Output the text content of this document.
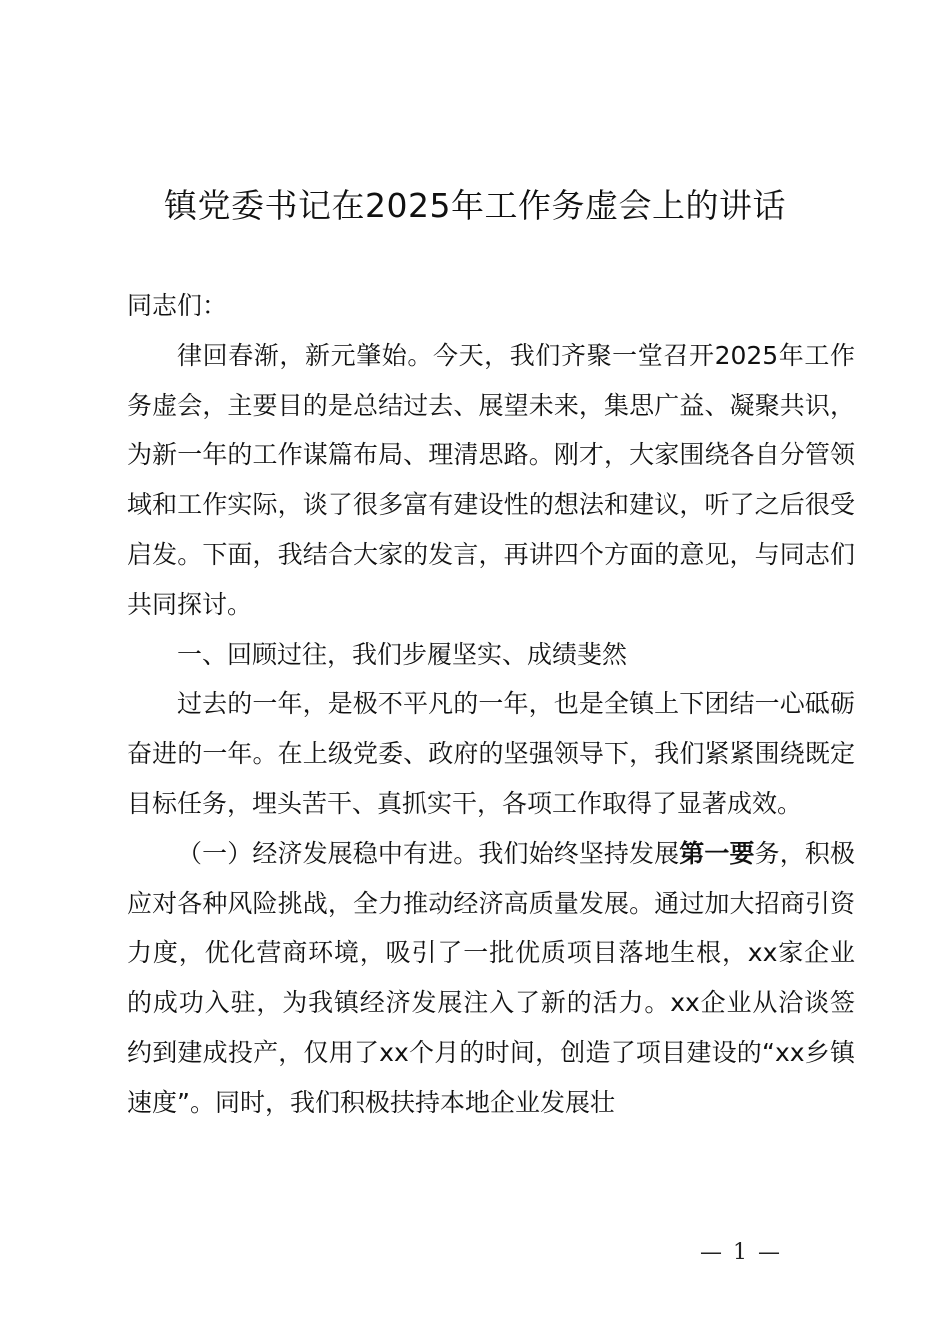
镇党委书记在2025年工作务虚会上的讲话

同志们：

律回春渐，新元肇始。今天，我们齐聚一堂召开2025年工作务虚会，主要目的是总结过去、展望未来，集思广益、凝聚共识，为新一年的工作谋篇布局、理清思路。刚才，大家围绕各自分管领域和工作实际，谈了很多富有建设性的想法和建议，听了之后很受启发。下面，我结合大家的发言，再讲四个方面的意见，与同志们共同探讨。

一、回顾过往，我们步履坚实、成绩斐然

过去的一年，是极不平凡的一年，也是全镇上下团结一心砥砺奋进的一年。在上级党委、政府的坚强领导下，我们紧紧围绕既定目标任务，埋头苦干、真抓实干，各项工作取得了显著成效。

（一）经济发展稳中有进。我们始终坚持发展第一要务，积极应对各种风险挑战，全力推动经济高质量发展。通过加大招商引资力度，优化营商环境，吸引了一批优质项目落地生根，xx家企业的成功入驻，为我镇经济发展注入了新的活力。xx企业从洽谈签约到建成投产，仅用了xx个月的时间，创造了项目建设的“xx乡镇速度”。同时，我们积极扶持本地企业发展壮

— 1 —
